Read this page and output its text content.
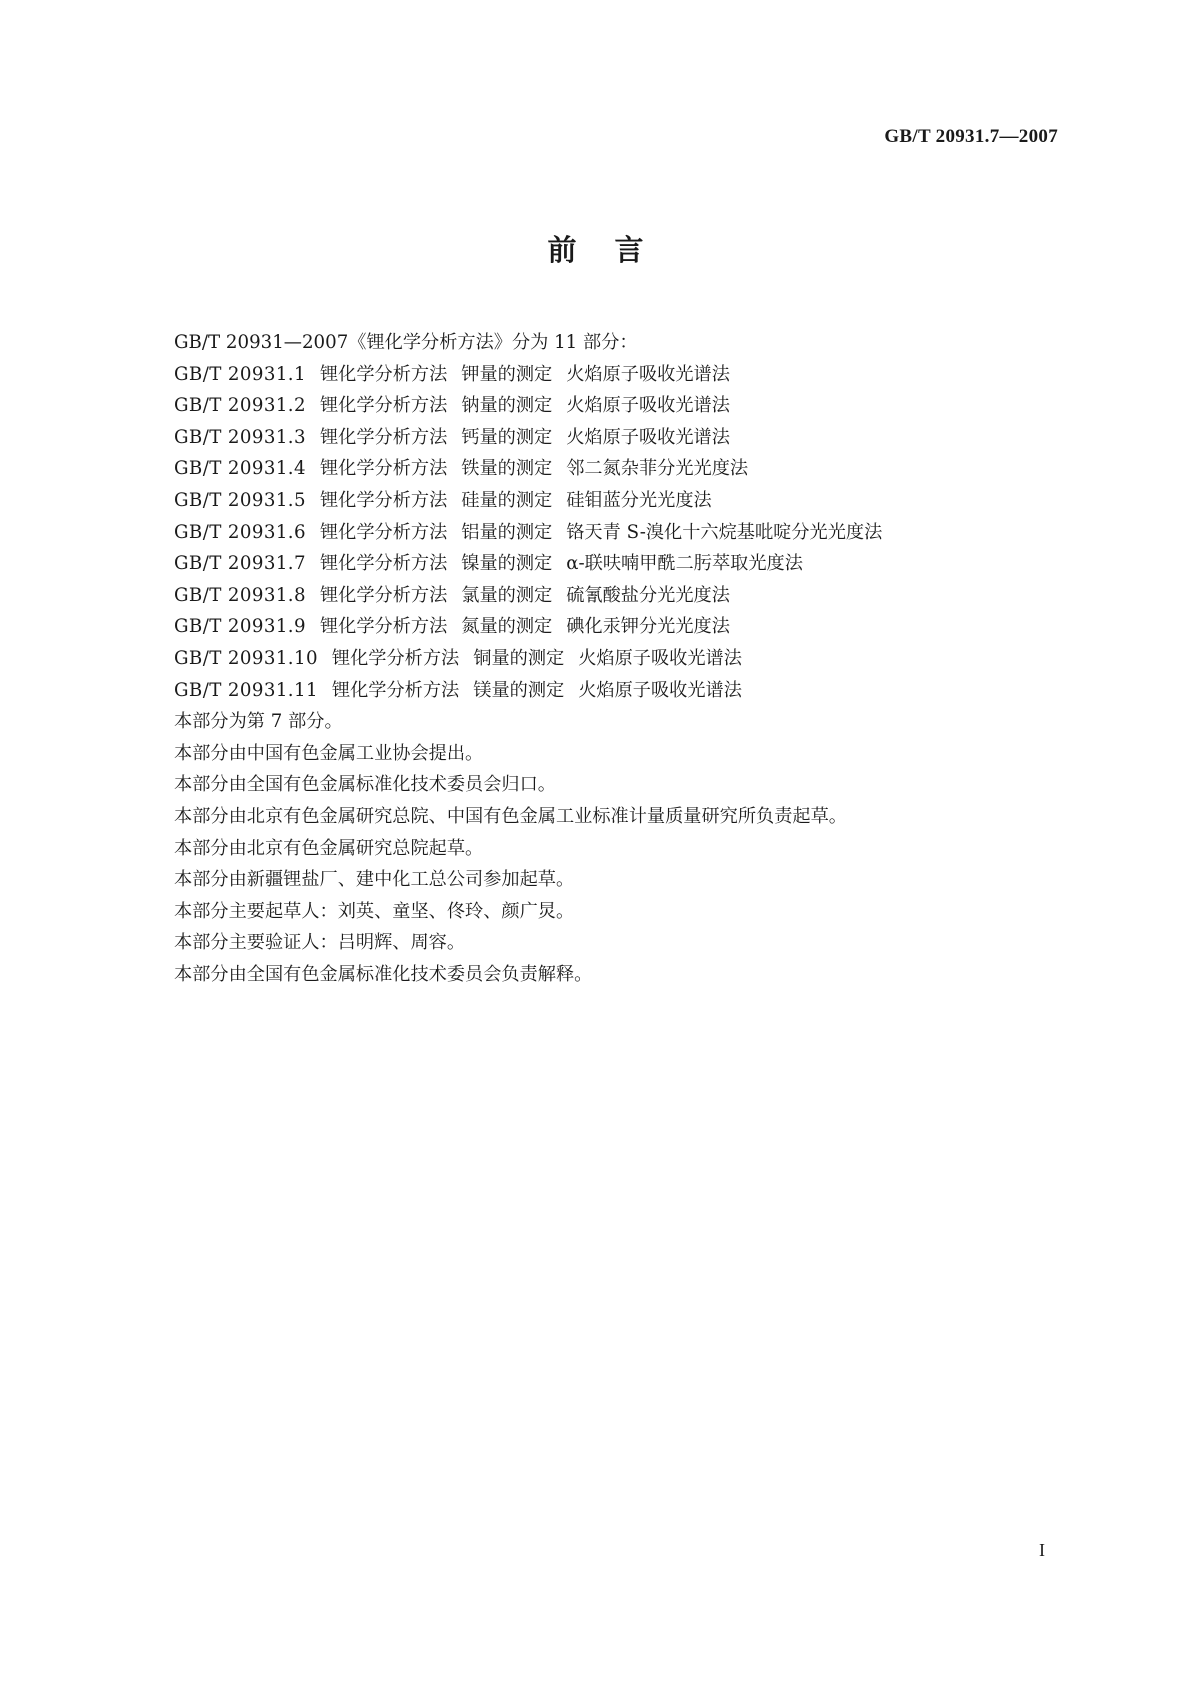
GB/T 20931.7—2007
前言
GB/T 20931—2007《锂化学分析方法》分为 11 部分：
GB/T 20931.1 锂化学分析方法 钾量的测定 火焰原子吸收光谱法
GB/T 20931.2 锂化学分析方法 钠量的测定 火焰原子吸收光谱法
GB/T 20931.3 锂化学分析方法 钙量的测定 火焰原子吸收光谱法
GB/T 20931.4 锂化学分析方法 铁量的测定 邻二氮杂菲分光光度法
GB/T 20931.5 锂化学分析方法 硅量的测定 硅钼蓝分光光度法
GB/T 20931.6 锂化学分析方法 铝量的测定 铬天青 S-溴化十六烷基吡啶分光光度法
GB/T 20931.7 锂化学分析方法 镍量的测定 α-联呋喃甲酰二肟萃取光度法
GB/T 20931.8 锂化学分析方法 氯量的测定 硫氰酸盐分光光度法
GB/T 20931.9 锂化学分析方法 氮量的测定 碘化汞钾分光光度法
GB/T 20931.10 锂化学分析方法 铜量的测定 火焰原子吸收光谱法
GB/T 20931.11 锂化学分析方法 镁量的测定 火焰原子吸收光谱法
本部分为第 7 部分。
本部分由中国有色金属工业协会提出。
本部分由全国有色金属标准化技术委员会归口。
本部分由北京有色金属研究总院、中国有色金属工业标准计量质量研究所负责起草。
本部分由北京有色金属研究总院起草。
本部分由新疆锂盐厂、建中化工总公司参加起草。
本部分主要起草人：刘英、童坚、佟玲、颜广炅。
本部分主要验证人：吕明辉、周容。
本部分由全国有色金属标准化技术委员会负责解释。
I
